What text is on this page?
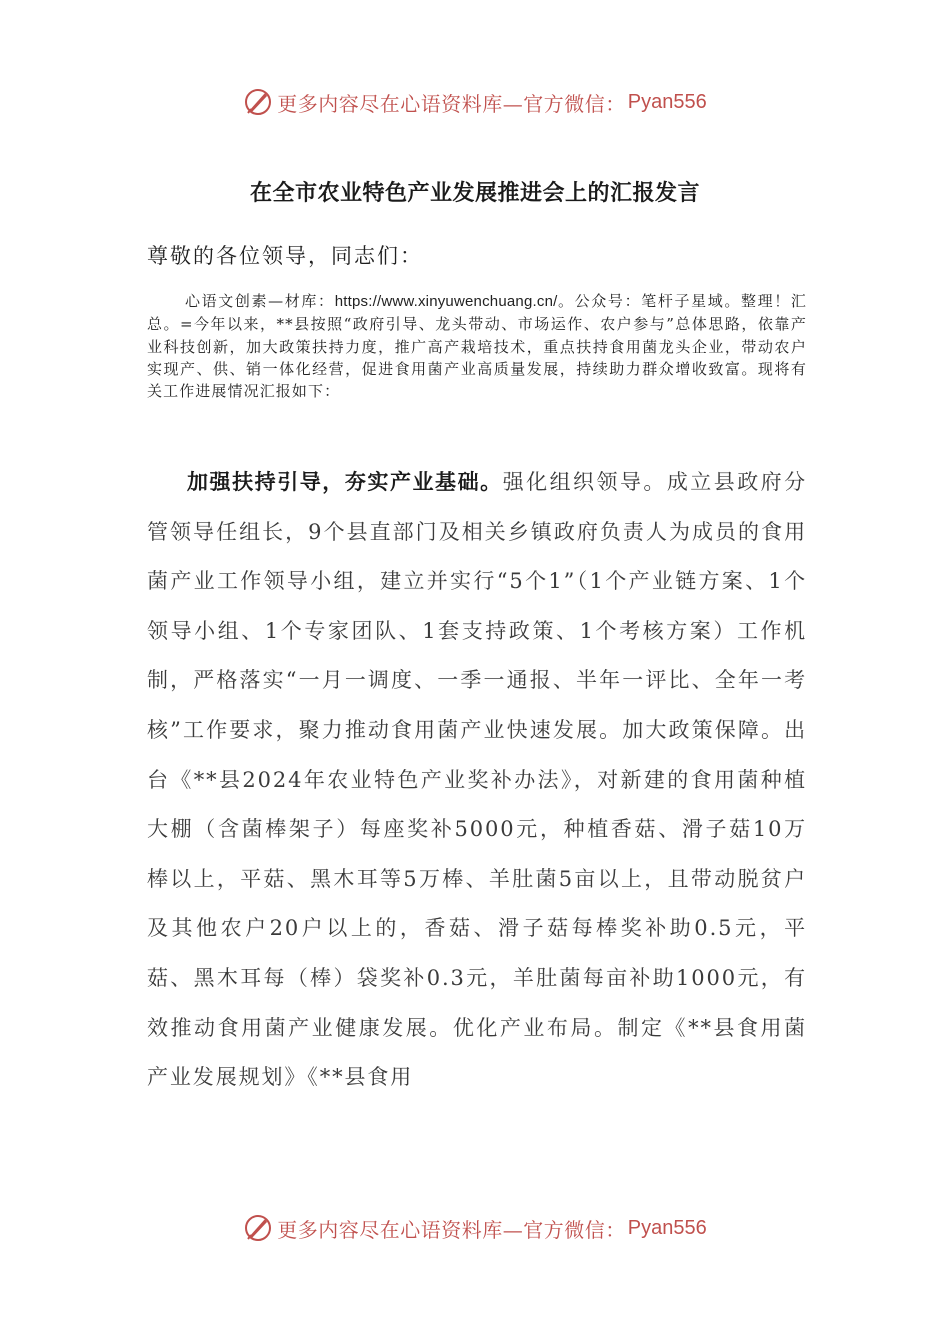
更多内容尽在心语资料库—官方微信： Pyan556
在全市农业特色产业发展推进会上的汇报发言
尊敬的各位领导，同志们：

心语文创素—材库：https://www.xinyuwenchuang.cn/。公众号：笔杆子星域。整理！汇总。=今年以来，**县按照“政府引导、龙头带动、市场运作、农户参与”总体思路，依靠产业科技创新，加大政策扶持力度，推广高产栽培技术，重点扶持食用菌龙头企业，带动农户实现产、供、销一体化经营，促进食用菌产业高质量发展，持续助力群众增收致富。现将有关工作进展情况汇报如下：

加强扶持引导，夯实产业基础。强化组织领导。成立县政府分管领导任组长，9个县直部门及相关乡镇政府负责人为成员的食用菌产业工作领导小组，建立并实行“5个1”（1个产业链方案、1个领导小组、1个专家团队、1套支持政策、1个考核方案）工作机制，严格落实“一月一调度、一季一通报、半年一评比、全年一考核”工作要求，聚力推动食用菌产业快速发展。加大政策保障。出台《**县2024年农业特色产业奖补办法》，对新建的食用菌种植大棚（含菌棒架子）每座奖补5000元，种植香菇、滑子菇10万棒以上，平菇、黑木耳等5万棒、羊肚菌5亩以上，且带动脱贫户及其他农户20户以上的，香菇、滑子菇每棒奖补助0.5元，平菇、黑木耳每（棒）袋奖补0.3元，羊肚菌每亩补助1000元，有效推动食用菌产业健康发展。优化产业布局。制定《**县食用菌产业发展规划》《**县食用

更多内容尽在心语资料库—官方微信： Pyan556
